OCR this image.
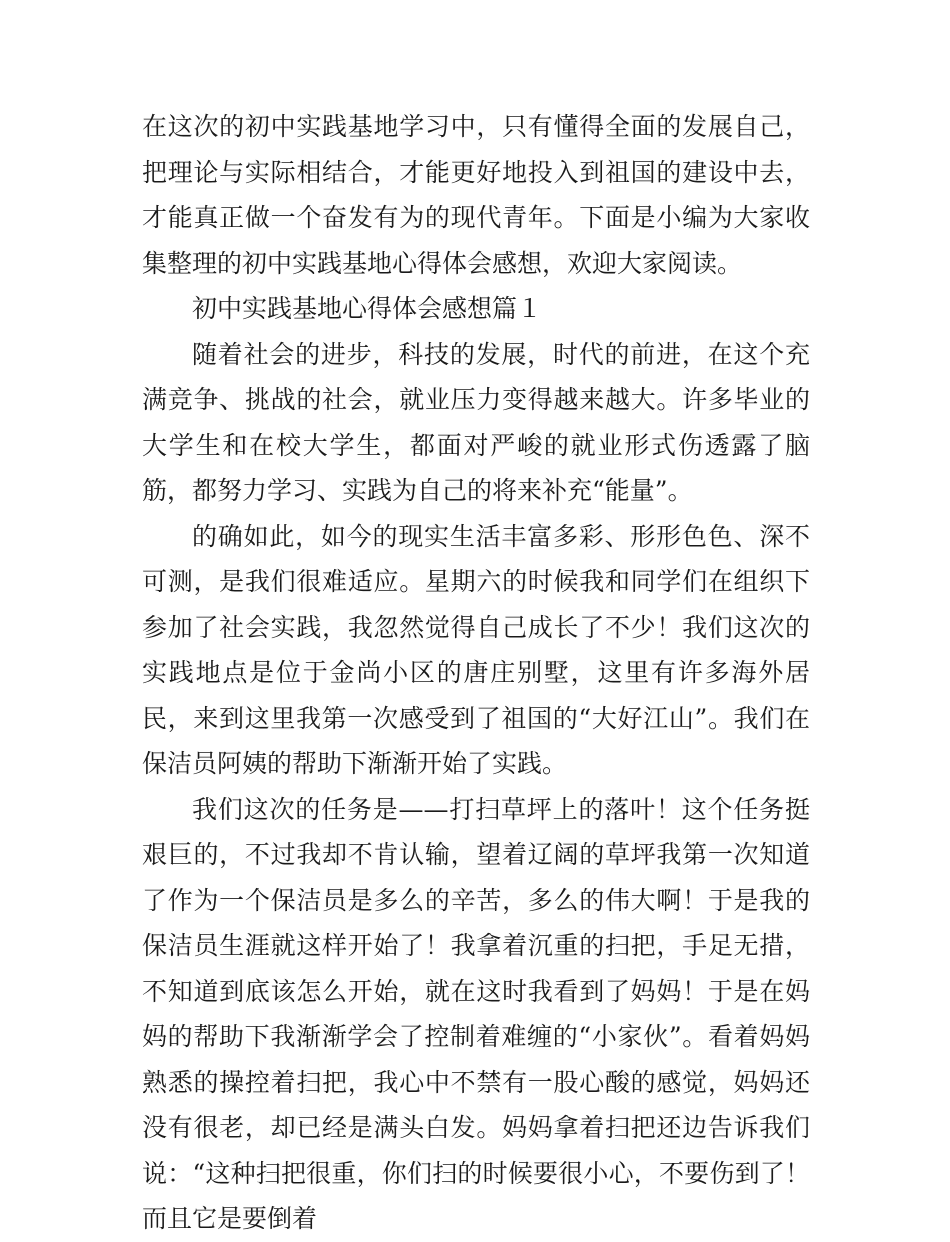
在这次的初中实践基地学习中，只有懂得全面的发展自己，把理论与实际相结合，才能更好地投入到祖国的建设中去，才能真正做一个奋发有为的现代青年。下面是小编为大家收集整理的初中实践基地心得体会感想，欢迎大家阅读。

初中实践基地心得体会感想篇１

随着社会的进步，科技的发展，时代的前进，在这个充满竞争、挑战的社会，就业压力变得越来越大。许多毕业的大学生和在校大学生，都面对严峻的就业形式伤透露了脑筋，都努力学习、实践为自己的将来补充“能量”。

的确如此，如今的现实生活丰富多彩、形形色色、深不可测，是我们很难适应。星期六的时候我和同学们在组织下参加了社会实践，我忽然觉得自己成长了不少！我们这次的实践地点是位于金尚小区的唐庄别墅，这里有许多海外居民，来到这里我第一次感受到了祖国的“大好江山”。我们在保洁员阿姨的帮助下渐渐开始了实践。

我们这次的任务是——打扫草坪上的落叶！这个任务挺艰巨的，不过我却不肯认输，望着辽阔的草坪我第一次知道了作为一个保洁员是多么的辛苦，多么的伟大啊！于是我的保洁员生涯就这样开始了！我拿着沉重的扫把，手足无措，不知道到底该怎么开始，就在这时我看到了妈妈！于是在妈妈的帮助下我渐渐学会了控制着难缠的“小家伙”。看着妈妈熟悉的操控着扫把，我心中不禁有一股心酸的感觉，妈妈还没有很老，却已经是满头白发。妈妈拿着扫把还边告诉我们说：“这种扫把很重，你们扫的时候要很小心，不要伤到了！而且它是要倒着
